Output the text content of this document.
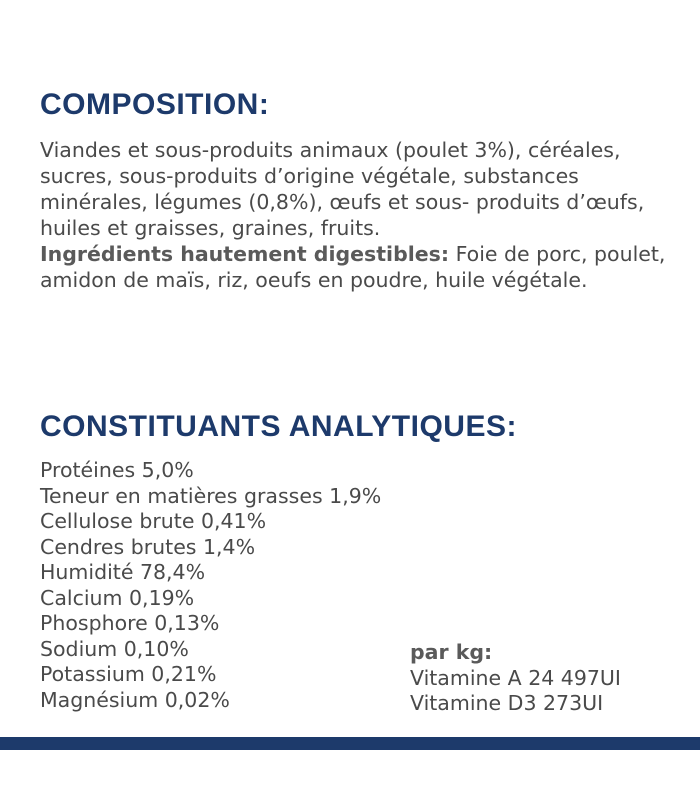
COMPOSITION:

Viandes et sous-produits animaux (poulet 3%), céréales, sucres, sous-produits d’origine végétale, substances minérales, légumes (0,8%), œufs et sous- produits d’œufs, huiles et graisses, graines, fruits.
Ingrédients hautement digestibles: Foie de porc, poulet, amidon de maïs, riz, oeufs en poudre, huile végétale.

CONSTITUANTS ANALYTIQUES:
Protéines 5,0%
Teneur en matières grasses 1,9%
Cellulose brute 0,41%
Cendres brutes 1,4%
Humidité 78,4%
Calcium 0,19%
Phosphore 0,13%
Sodium 0,10%
Potassium 0,21%
Magnésium 0,02%
par kg:
Vitamine A 24 497UI
Vitamine D3 273UI
